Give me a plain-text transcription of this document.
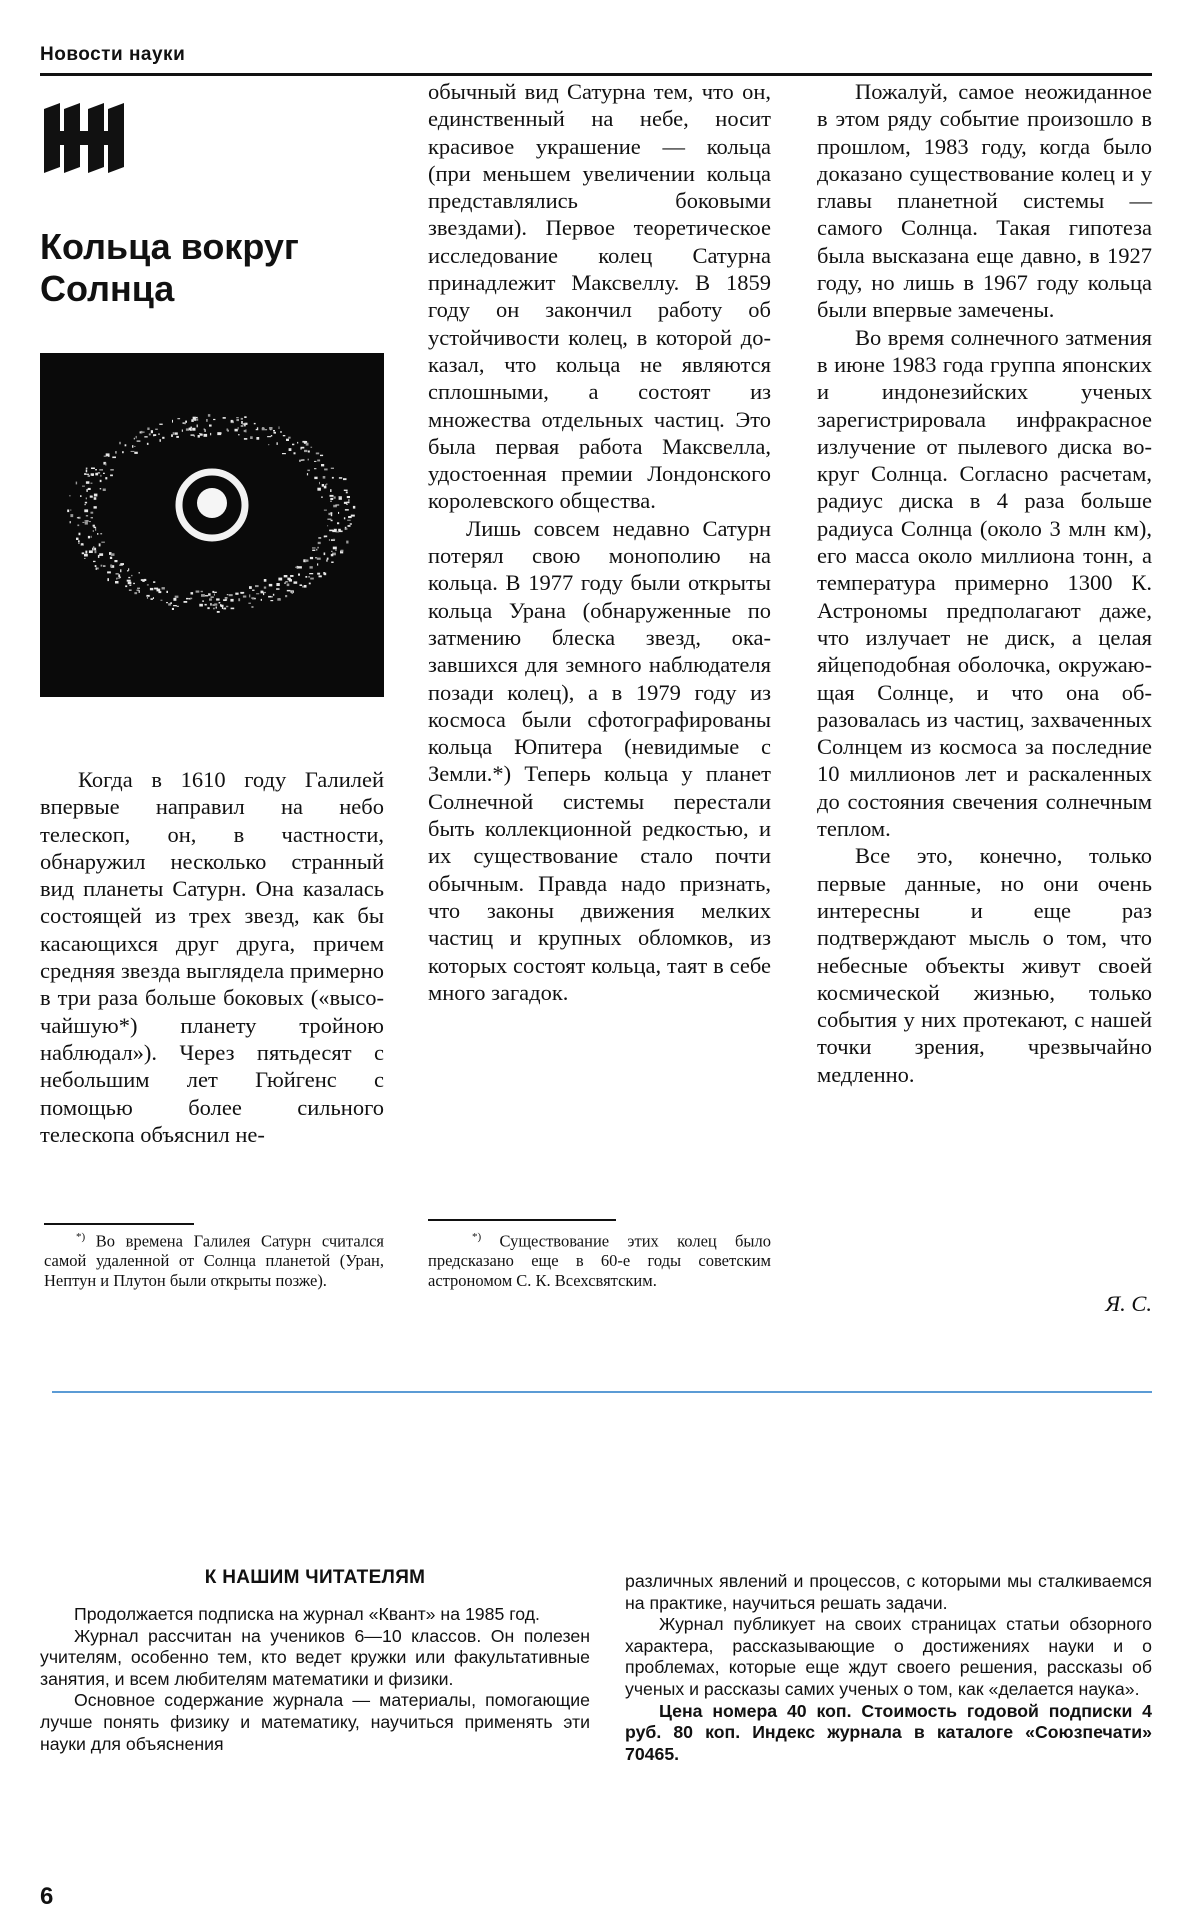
Новости науки
Кольца вокруг Солнца

Когда в 1610 году Галилей впервые направил на небо телескоп, он, в частности, обнаружил несколько странный вид планеты Сатурн. Она казалась состоящей из трех звезд, как бы касающихся друг друга, причем средняя звезда выглядела примерно в три раза больше боковых («высочайшую*) планету тройною наблюдал»). Через пятьдесят с небольшим лет Гюйгенс с помощью более сильного телескопа объяснил не-

*) Во времена Галилея Сатурн считался самой удаленной от Солнца планетой (Уран, Нептун и Плутон были открыты позже).

обычный вид Сатурна тем, что он, единственный на небе, носит красивое украшение — кольца (при меньшем увеличении кольца представлялись боковыми звездами). Первое теоретическое исследование колец Сатурна принадлежит Максвеллу. В 1859 году он закончил работу об устойчивости колец, в которой доказал, что кольца не являются сплошными, а состоят из множества отдельных частиц. Это была первая работа Максвелла, удостоенная премии Лондонского королевского общества.

Лишь совсем недавно Сатурн потерял свою монополию на кольца. В 1977 году были открыты кольца Урана (обнаруженные по затмению блеска звезд, оказавшихся для земного наблюдателя позади колец), а в 1979 году из космоса были сфотографированы кольца Юпитера (невидимые с Земли.*) Теперь кольца у планет Солнечной системы перестали быть коллекционной редкостью, и их существование стало почти обычным. Правда надо признать, что законы движения мелких частиц и крупных обломков, из которых состоят кольца, таят в себе много загадок.

*) Существование этих колец было предсказано еще в 60-е годы советским астрономом С. К. Всехсвятским.

Пожалуй, самое неожиданное в этом ряду событие произошло в прошлом, 1983 году, когда было доказано существование колец и у главы планетной системы — самого Солнца. Такая гипотеза была высказана еще давно, в 1927 году, но лишь в 1967 году кольца были впервые замечены.

Во время солнечного затмения в июне 1983 года группа японских и индонезийских ученых зарегистрировала инфракрасное излучение от пылевого диска вокруг Солнца. Согласно расчетам, радиус диска в 4 раза больше радиуса Солнца (около 3 млн км), его масса около миллиона тонн, а температура примерно 1300 К. Астрономы предполагают даже, что излучает не диск, а целая яйцеподобная оболочка, окружающая Солнце, и что она образовалась из частиц, захваченных Солнцем из космоса за последние 10 миллионов лет и раскаленных до состояния свечения солнечным теплом.

Все это, конечно, только первые данные, но они очень интересны и еще раз подтверждают мысль о том, что небесные объекты живут своей космической жизнью, только события у них протекают, с нашей точки зрения, чрезвычайно медленно.

Я. С.
К НАШИМ ЧИТАТЕЛЯМ

Продолжается подписка на журнал «Квант» на 1985 год.

Журнал рассчитан на учеников 6—10 классов. Он полезен учителям, особенно тем, кто ведет кружки или факультативные занятия, и всем любителям математики и физики.

Основное содержание журнала — материалы, помогающие лучше понять физику и математику, научиться применять эти науки для объяснения

различных явлений и процессов, с которыми мы сталкиваемся на практике, научиться решать задачи.

Журнал публикует на своих страницах статьи обзорного характера, рассказывающие о достижениях науки и о проблемах, которые еще ждут своего решения, рассказы об ученых и рассказы самих ученых о том, как «делается наука».

Цена номера 40 коп. Стоимость годовой подписки 4 руб. 80 коп. Индекс журнала в каталоге «Союзпечати» 70465.

6
